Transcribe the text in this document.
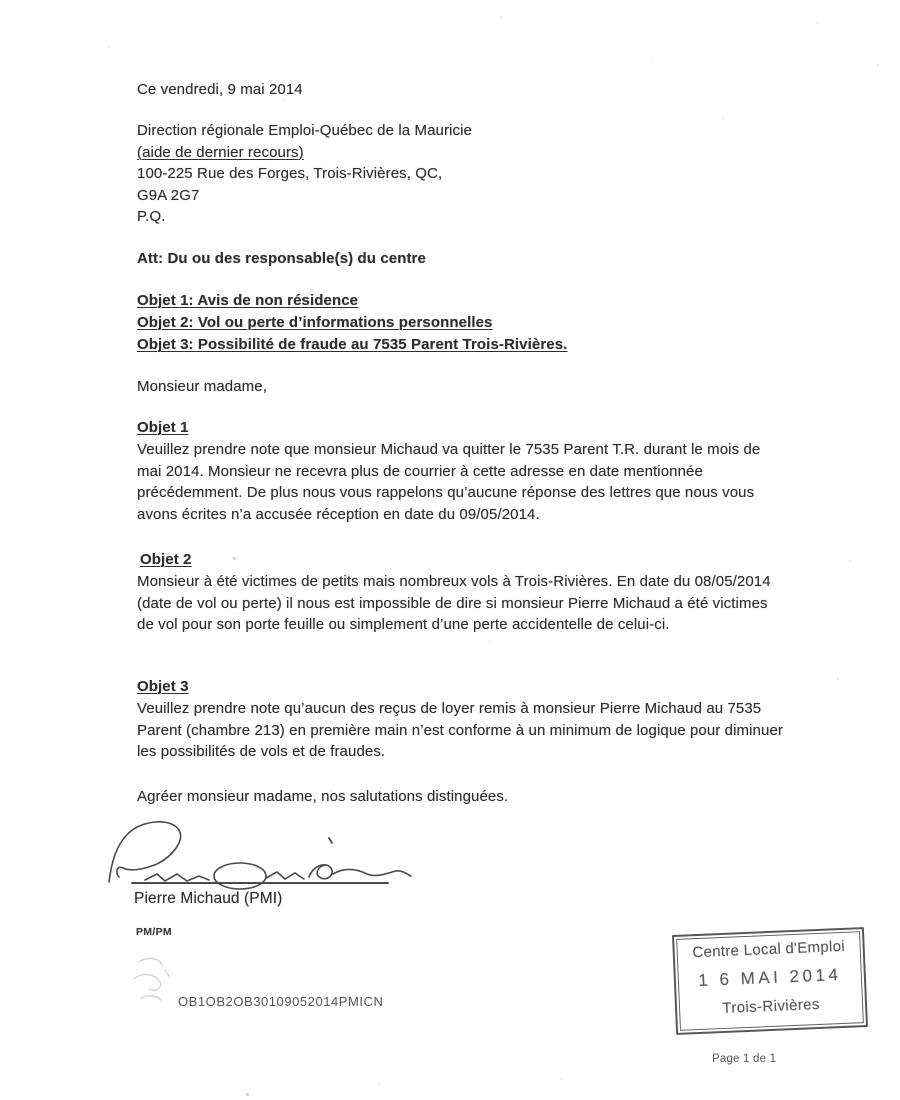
Ce vendredi, 9 mai 2014
Direction régionale Emploi-Québec de la Mauricie
(aide de dernier recours)
100-225 Rue des Forges, Trois-Rivières, QC,
G9A 2G7
P.Q.
Att: Du ou des responsable(s) du centre
Objet 1: Avis de non résidence
Objet 2: Vol ou perte d’informations personnelles
Objet 3: Possibilité de fraude au 7535 Parent Trois-Rivières.
Monsieur madame,
Objet 1
Veuillez prendre note que monsieur Michaud va quitter le 7535 Parent T.R. durant le mois de mai 2014. Monsieur ne recevra plus de courrier à cette adresse en date mentionnée précédemment. De plus nous vous rappelons qu’aucune réponse des lettres que nous vous avons écrites n’a accusée réception en date du 09/05/2014.
Objet 2
Monsieur à été victimes de petits mais nombreux vols à Trois-Rivières. En date du 08/05/2014 (date de vol ou perte) il nous est impossible de dire si monsieur Pierre Michaud a été victimes de vol pour son porte feuille ou simplement d’une perte accidentelle de celui-ci.
Objet 3
Veuillez prendre note qu’aucun des reçus de loyer remis à monsieur Pierre Michaud au 7535 Parent (chambre 213) en première main n’est conforme à un minimum de logique pour diminuer les possibilités de vols et de fraudes.
Agréer monsieur madame, nos salutations distinguées.
Pierre Michaud (PMI)
PM/PM
OB1OB2OB30109052014PMICN
Centre Local d'Emploi
1 6 MAI 2014
Trois-Rivières
Page 1 de 1
